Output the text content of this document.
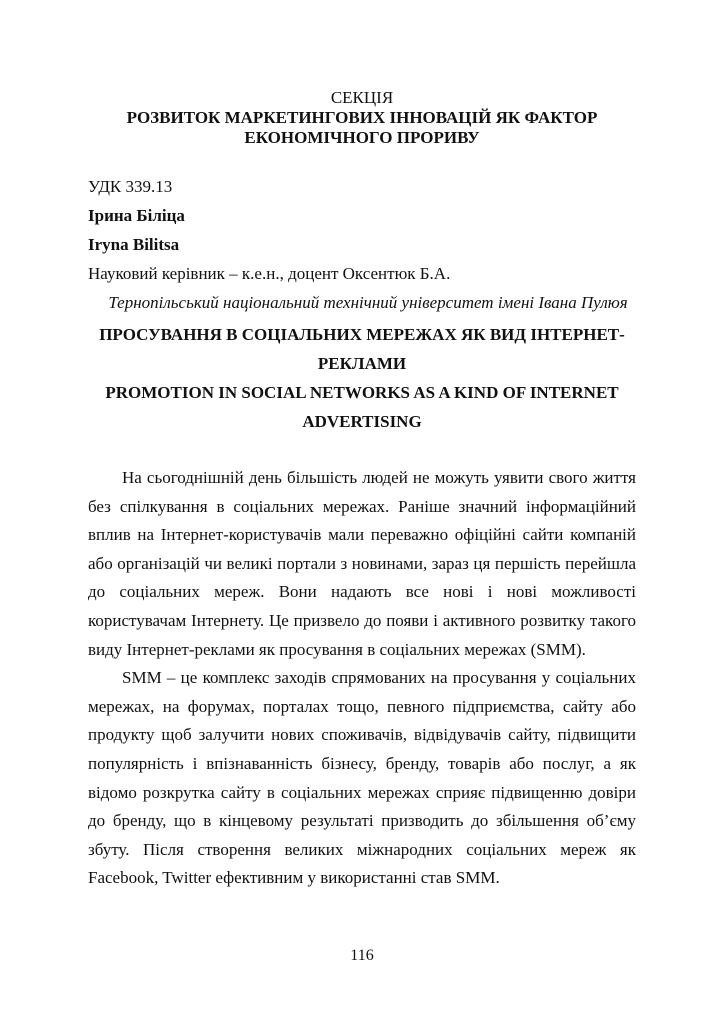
СЕКЦІЯ
РОЗВИТОК МАРКЕТИНГОВИХ ІННОВАЦІЙ ЯК ФАКТОР
ЕКОНОМІЧНОГО ПРОРИВУ
УДК 339.13
Ірина Біліца
Iryna Bilitsa
Науковий керівник – к.е.н., доцент Оксентюк Б.А.
Тернопільський національний технічний університет імені Івана Пулюя
ПРОСУВАННЯ В СОЦІАЛЬНИХ МЕРЕЖАХ ЯК ВИД ІНТЕРНЕТ-
РЕКЛАМИ
PROMOTION IN SOCIAL NETWORKS AS A KIND OF INTERNET
ADVERTISING
На сьогоднішній день більшість людей не можуть уявити свого життя
без спілкування в соціальних мережах. Раніше значний інформаційний
вплив на Інтернет-користувачів мали переважно офіційні сайти компаній
або організацій чи великі портали з новинами, зараз ця першість перейшла
до соціальних мереж. Вони надають все нові і нові можливості
користувачам Інтернету. Це призвело до появи і активного розвитку такого
виду Інтернет-реклами як просування в соціальних мережах (SMM).
SMM – це комплекс заходів спрямованих на просування у соціальних
мережах, на форумах, порталах тощо, певного підприємства, сайту або
продукту щоб залучити нових споживачів, відвідувачів сайту, підвищити
популярність і впізнаванність бізнесу, бренду, товарів або послуг, а як
відомо розкрутка сайту в соціальних мережах сприяє підвищенню довіри
до бренду, що в кінцевому результаті призводить до збільшення об’єму
збуту. Після створення великих міжнародних соціальних мереж як
Facebook, Twitter ефективним у використанні став SMM.
116
